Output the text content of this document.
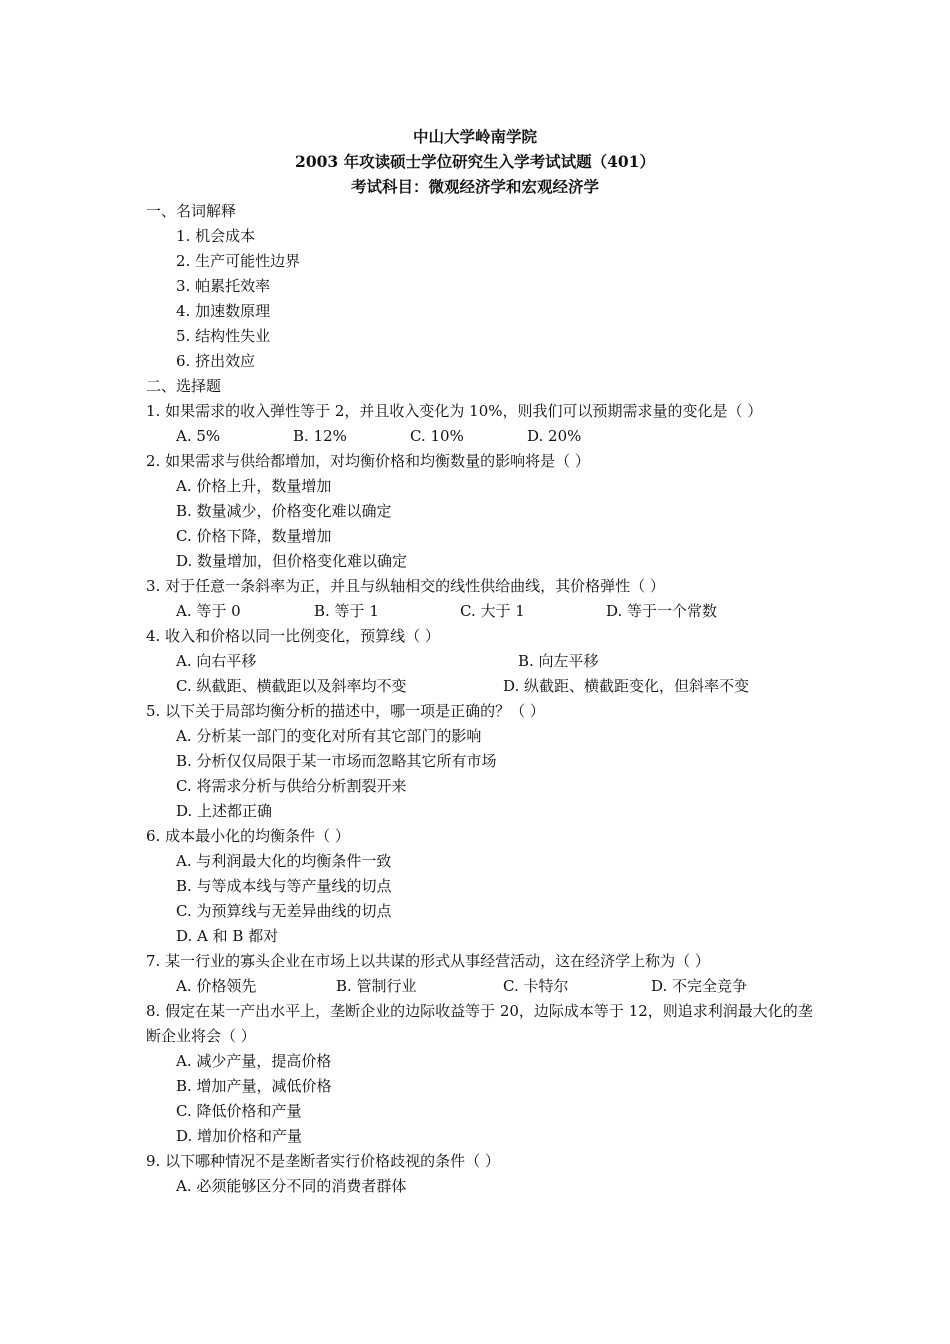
中山大学岭南学院
2003 年攻读硕士学位研究生入学考试试题（401）
考试科目：微观经济学和宏观经济学
一、名词解释
1. 机会成本
2. 生产可能性边界
3. 帕累托效率
4. 加速数原理
5. 结构性失业
6. 挤出效应
二、选择题
1. 如果需求的收入弹性等于 2，并且收入变化为 10%，则我们可以预期需求量的变化是（ ）
A. 5%	B. 12%	C. 10%	D. 20%
2. 如果需求与供给都增加，对均衡价格和均衡数量的影响将是（ ）
A. 价格上升，数量增加
B. 数量减少，价格变化难以确定
C. 价格下降，数量增加
D. 数量增加，但价格变化难以确定
3. 对于任意一条斜率为正，并且与纵轴相交的线性供给曲线，其价格弹性（ ）
A. 等于 0	B. 等于 1	C. 大于 1	D. 等于一个常数
4. 收入和价格以同一比例变化，预算线（ ）
A. 向右平移	B. 向左平移
C. 纵截距、横截距以及斜率均不变	D. 纵截距、横截距变化，但斜率不变
5. 以下关于局部均衡分析的描述中，哪一项是正确的？（ ）
A. 分析某一部门的变化对所有其它部门的影响
B. 分析仅仅局限于某一市场而忽略其它所有市场
C. 将需求分析与供给分析割裂开来
D. 上述都正确
6. 成本最小化的均衡条件（ ）
A. 与利润最大化的均衡条件一致
B. 与等成本线与等产量线的切点
C. 为预算线与无差异曲线的切点
D. A 和 B 都对
7. 某一行业的寡头企业在市场上以共谋的形式从事经营活动，这在经济学上称为（ ）
A. 价格领先	B. 管制行业	C. 卡特尔	D. 不完全竞争
8. 假定在某一产出水平上，垄断企业的边际收益等于 20，边际成本等于 12，则追求利润最大化的垄断企业将会（ ）
A. 减少产量，提高价格
B. 增加产量，减低价格
C. 降低价格和产量
D. 增加价格和产量
9. 以下哪种情况不是垄断者实行价格歧视的条件（ ）
A. 必须能够区分不同的消费者群体
